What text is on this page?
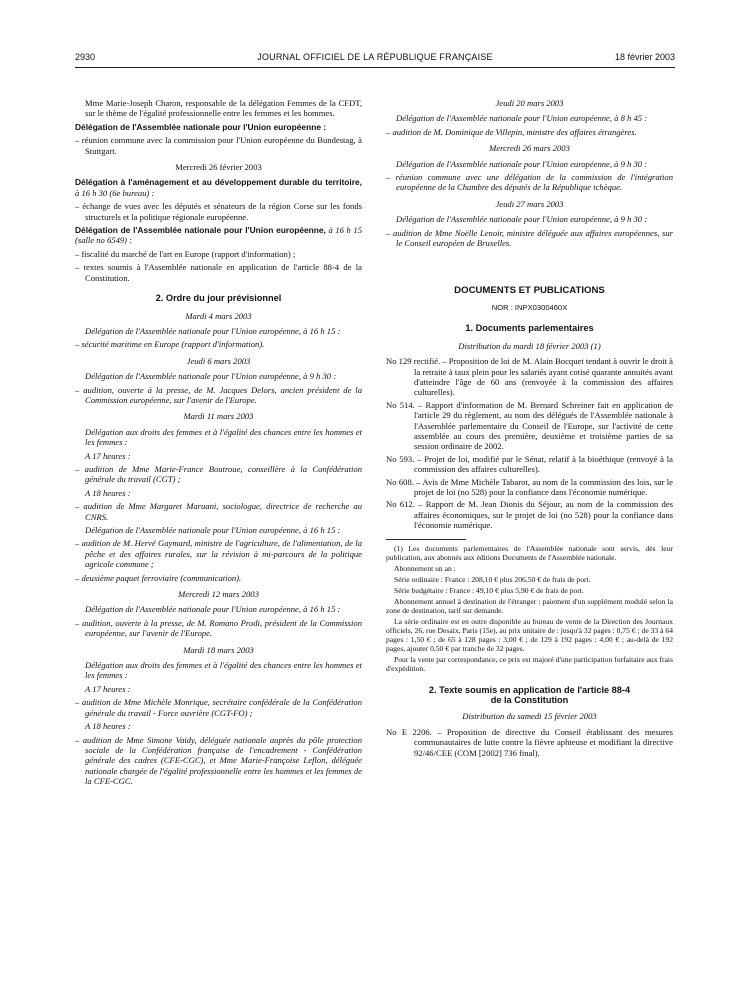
2930	JOURNAL OFFICIEL DE LA RÉPUBLIQUE FRANÇAISE	18 février 2003

Mme Marie-Joseph Charon, responsable de la délégation Femmes de la CFDT, sur le thème de l'égalité professionnelle entre les femmes et les hommes.

Délégation de l'Assemblée nationale pour l'Union européenne :

– réunion commune avec la commission pour l'Union européenne du Bundestag, à Stuttgart.

Mercredi 26 février 2003

Délégation à l'aménagement et au développement durable du territoire, à 16 h 30 (6e bureau) :

– échange de vues avec les députés et sénateurs de la région Corse sur les fonds structurels et la politique régionale européenne.

Délégation de l'Assemblée nationale pour l'Union européenne, à 16 h 15 (salle no 6549) :

– fiscalité du marché de l'art en Europe (rapport d'information) ;

– textes soumis à l'Assemblée nationale en application de l'article 88-4 de la Constitution.

2. Ordre du jour prévisionnel

Mardi 4 mars 2003

Délégation de l'Assemblée nationale pour l'Union européenne, à 16 h 15 :

– sécurité maritime en Europe (rapport d'information).

Jeudi 6 mars 2003

Délégation de l'Assemblée nationale pour l'Union européenne, à 9 h 30 :

– audition, ouverte à la presse, de M. Jacques Delors, ancien président de la Commission européenne, sur l'avenir de l'Europe.

Mardi 11 mars 2003

Délégation aux droits des femmes et à l'égalité des chances entre les hommes et les femmes :

A 17 heures :

– audition de Mme Marie-France Boutroue, conseillère à la Confédération générale du travail (CGT) ;

A 18 heures :

– audition de Mme Margaret Maruani, sociologue, directrice de recherche au CNRS.

Délégation de l'Assemblée nationale pour l'Union européenne, à 16 h 15 :

– audition de M. Hervé Gaymard, ministre de l'agriculture, de l'alimentation, de la pêche et des affaires rurales, sur la révision à mi-parcours de la politique agricole commune ;

– deuxième paquet ferroviaire (communication).

Mercredi 12 mars 2003

Délégation de l'Assemblée nationale pour l'Union européenne, à 16 h 15 :

– audition, ouverte à la presse, de M. Romano Prodi, président de la Commission européenne, sur l'avenir de l'Europe.

Mardi 18 mars 2003

Délégation aux droits des femmes et à l'égalité des chances entre les hommes et les femmes :

A 17 heures :

– audition de Mme Michèle Monrique, secrétaire confédérale de la Confédération générale du travail - Force ouvrière (CGT-FO) ;

A 18 heures :

– audition de Mme Simone Vaidy, déléguée nationale auprès du pôle protection sociale de la Confédération française de l'encadrement - Confédération générale des cadres (CFE-CGC), et Mme Marie-Françoise Leflon, déléguée nationale chargée de l'égalité professionnelle entre les hommes et les femmes de la CFE-CGC.

Jeudi 20 mars 2003

Délégation de l'Assemblée nationale pour l'Union européenne, à 8 h 45 :

– audition de M. Dominique de Villepin, ministre des affaires étrangères.

Mercredi 26 mars 2003

Délégation de l'Assemblée nationale pour l'Union européenne, à 9 h 30 :

– réunion commune avec une délégation de la commission de l'intégration européenne de la Chambre des députés de la République tchèque.

Jeudi 27 mars 2003

Délégation de l'Assemblée nationale pour l'Union européenne, à 9 h 30 :

– audition de Mme Noëlle Lenoir, ministre déléguée aux affaires européennes, sur le Conseil européen de Bruxelles.

DOCUMENTS ET PUBLICATIONS

NOR : INPX0300460X

1. Documents parlementaires

Distribution du mardi 18 février 2003 (1)

No 129 rectifié. – Proposition de loi de M. Alain Bocquet tendant à ouvrir le droit à la retraite à taux plein pour les salariés ayant cotisé quarante annuités avant d'atteindre l'âge de 60 ans (renvoyée à la commission des affaires culturelles).

No 514. – Rapport d'information de M. Bernard Schreiner fait en application de l'article 29 du règlement, au nom des délégués de l'Assemblée nationale à l'Assemblée parlementaire du Conseil de l'Europe, sur l'activité de cette assemblée au cours des première, deuxième et troisième parties de sa session ordinaire de 2002.

No 593. – Projet de loi, modifié par le Sénat, relatif à la bioéthique (renvoyé à la commission des affaires culturelles).

No 608. – Avis de Mme Michèle Tabarot, au nom de la commission des lois, sur le projet de loi (no 528) pour la confiance dans l'économie numérique.

No 612. – Rapport de M. Jean Dionis du Séjour, au nom de la commission des affaires économiques, sur le projet de loi (no 528) pour la confiance dans l'économie numérique.

(1) Les documents parlementaires de l'Assemblée nationale sont servis, dès leur publication, aux abonnés aux éditions Documents de l'Assemblée nationale.

Abonnement un an :

Série ordinaire : France : 208,10 € plus 206,50 € de frais de port.

Série budgétaire : France : 49,10 € plus 5,90 € de frais de port.

Abonnement annuel à destination de l'étranger : paiement d'un supplément modulé selon la zone de destination, tarif sur demande.

La série ordinaire est en outre disponible au bureau de vente de la Direction des Journaux officiels, 26, rue Desaix, Paris (15e), au prix unitaire de : jusqu'à 32 pages : 0,75 € ; de 33 à 64 pages : 1,50 € ; de 65 à 128 pages : 3,00 € ; de 129 à 192 pages : 4,00 € ; au-delà de 192 pages, ajouter 0,50 € par tranche de 32 pages.

Pour la vente par correspondance, ce prix est majoré d'une participation forfaitaire aux frais d'expédition.

2. Texte soumis en application de l'article 88-4

de la Constitution

Distribution du samedi 15 février 2003

No E 2206. – Proposition de directive du Conseil établissant des mesures communautaires de lutte contre la fièvre aphteuse et modifiant la directive 92/46/CEE (COM [2002] 736 final).
